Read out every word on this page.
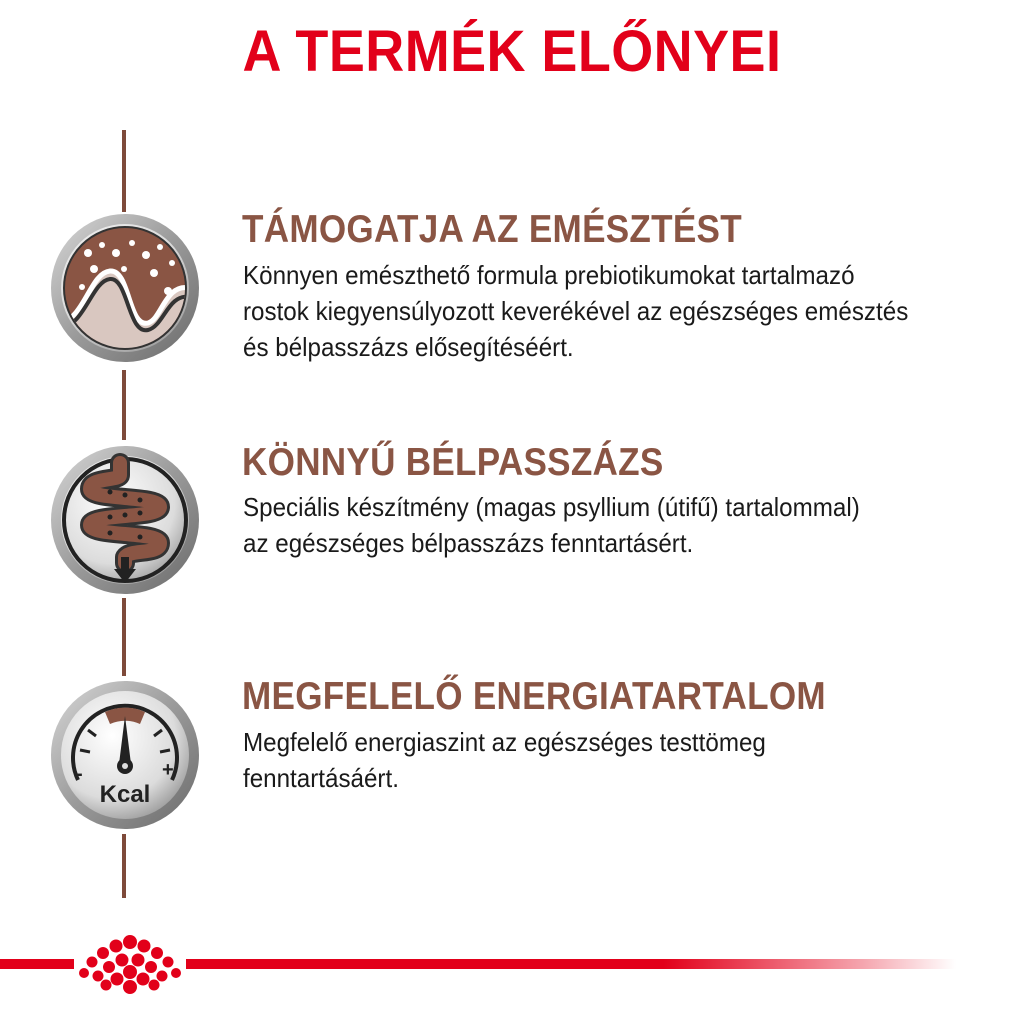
A TERMÉK ELŐNYEI
TÁMOGATJA AZ EMÉSZTÉST

Könnyen emészthető formula prebiotikumokat tartalmazó
rostok kiegyensúlyozott keverékével az egészséges emésztés
és bélpasszázs elősegítéséért.

KÖNNYŰ BÉLPASSZÁZS

Speciális készítmény (magas psyllium (útifű) tartalommal)
az egészséges bélpasszázs fenntartásért.

-	+
Kcal
MEGFELELŐ ENERGIATARTALOM

Megfelelő energiaszint az egészséges testtömeg
fenntartásáért.
